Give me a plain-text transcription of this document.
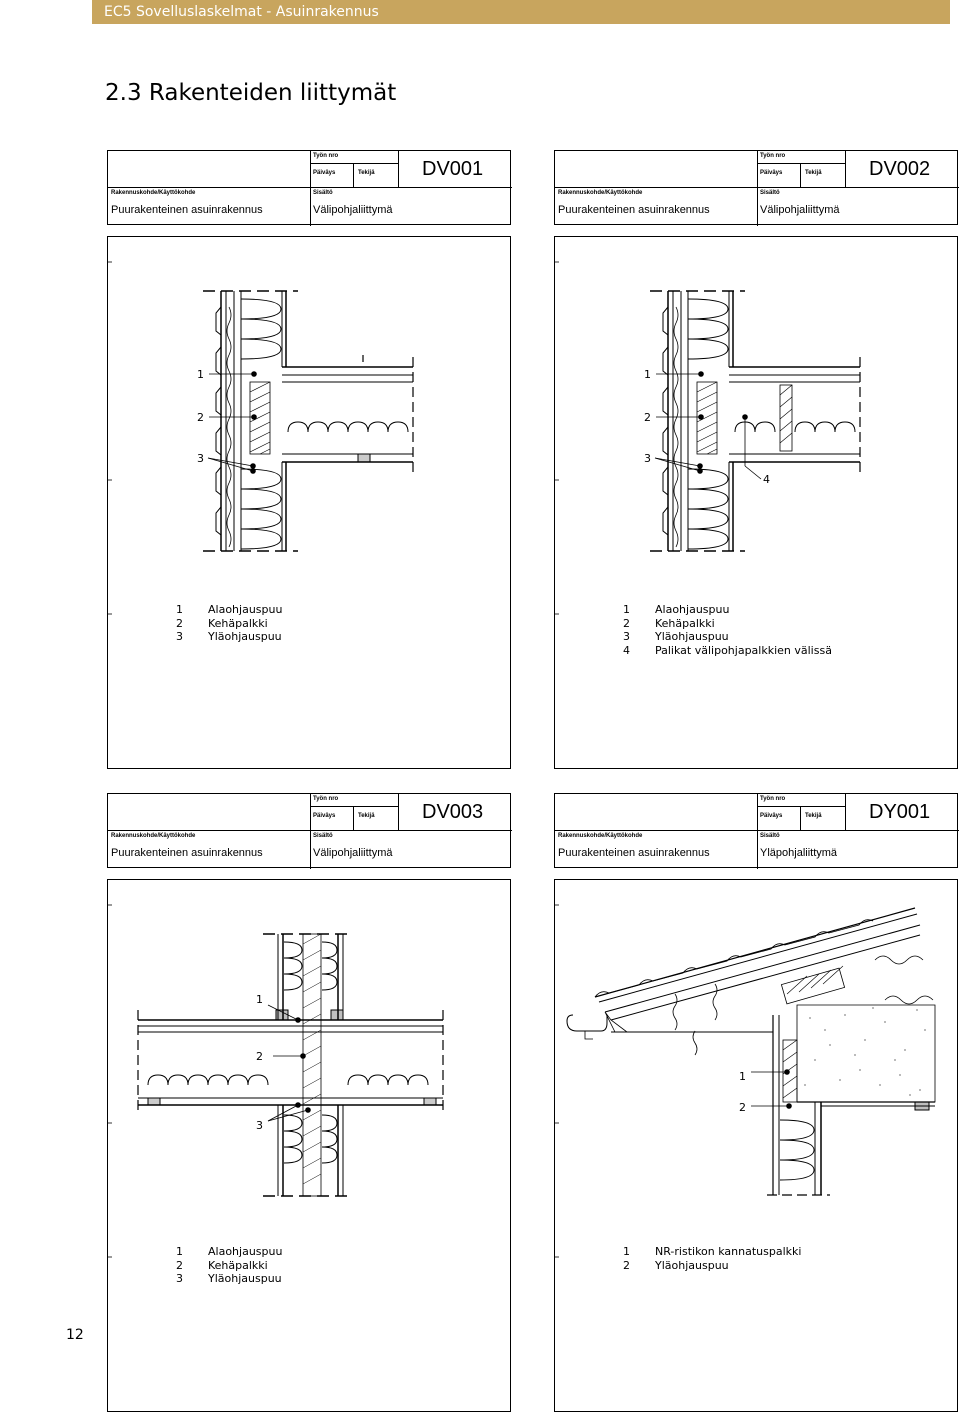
EC5 Sovelluslaskelmat - Asuinrakennus
2.3 Rakenteiden liittymät
Työn nro
Päiväys	Tekijä
Rakennuskohde/Käyttökohde	Sisältö
Puurakenteinen asuinrakennus	Välipohjaliittymä
DV001
1
2
3
1 Alaohjauspuu
2 Kehäpalkki
3 Yläohjauspuu
Työn nro
Päiväys	Tekijä
Rakennuskohde/Käyttökohde	Sisältö
Puurakenteinen asuinrakennus	Välipohjaliittymä
DV002
1
2
3
4
1 Alaohjauspuu
2 Kehäpalkki
3 Yläohjauspuu
4 Palikat välipohjapalkkien välissä
Työn nro
Päiväys	Tekijä
Rakennuskohde/Käyttökohde	Sisältö
Puurakenteinen asuinrakennus	Välipohjaliittymä
DV003
1
2
3
1 Alaohjauspuu
2 Kehäpalkki
3 Yläohjauspuu
Työn nro
Päiväys	Tekijä
Rakennuskohde/Käyttökohde	Sisältö
Puurakenteinen asuinrakennus	Yläpohjaliittymä
DY001
1
2
1 NR-ristikon kannatuspalkki
2 Yläohjauspuu
12
